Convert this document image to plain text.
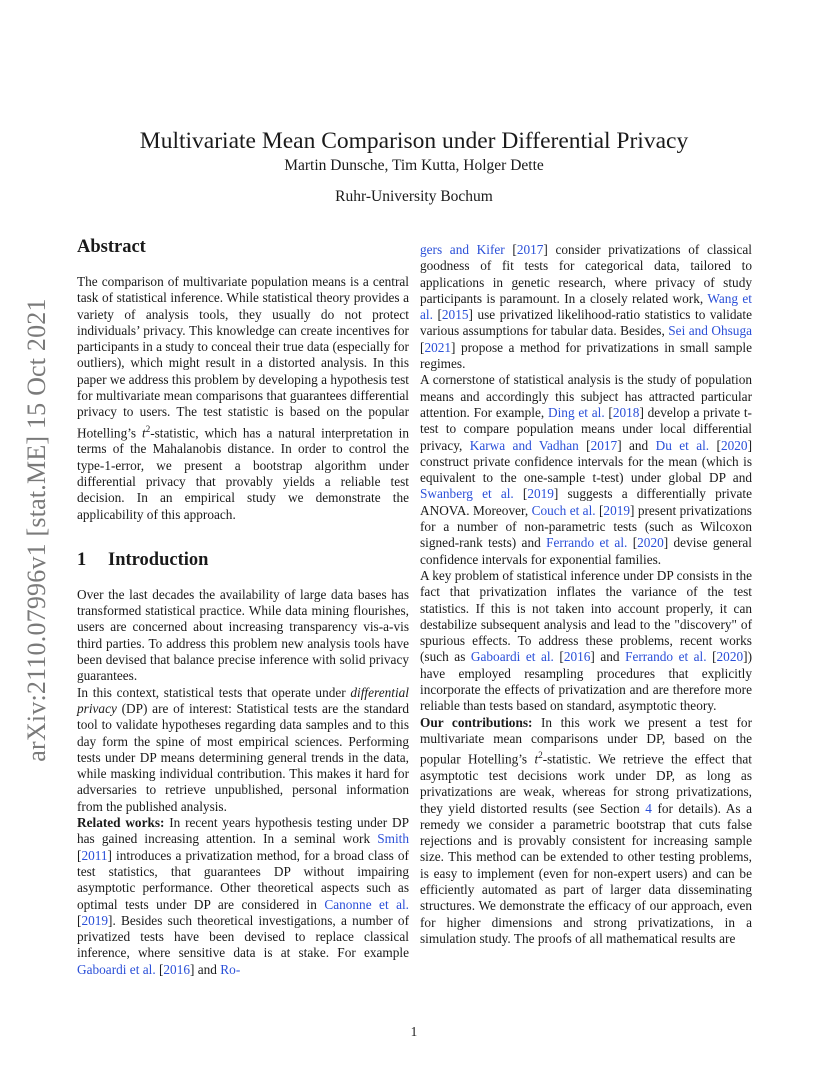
arXiv:2110.07996v1 [stat.ME] 15 Oct 2021
Multivariate Mean Comparison under Differential Privacy
Martin Dunsche, Tim Kutta, Holger Dette
Ruhr-University Bochum
Abstract

The comparison of multivariate population means is a central task of statistical inference. While statistical theory provides a variety of analysis tools, they usually do not protect individuals’ privacy. This knowledge can create incentives for participants in a study to conceal their true data (especially for outliers), which might result in a distorted analysis. In this paper we address this problem by developing a hypothesis test for multivariate mean comparisons that guarantees differential privacy to users. The test statistic is based on the popular Hotelling’s $t^2$-statistic, which has a natural interpretation in terms of the Mahalanobis distance. In order to control the type-1-error, we present a bootstrap algorithm under differential privacy that provably yields a reliable test decision. In an empirical study we demonstrate the applicability of this approach.

1 Introduction

Over the last decades the availability of large data bases has transformed statistical practice. While data mining flourishes, users are concerned about increasing transparency vis-a-vis third parties. To address this problem new analysis tools have been devised that balance precise inference with solid privacy guarantees.

In this context, statistical tests that operate under differential privacy (DP) are of interest: Statistical tests are the standard tool to validate hypotheses regarding data samples and to this day form the spine of most empirical sciences. Performing tests under DP means determining general trends in the data, while masking individual contribution. This makes it hard for adversaries to retrieve unpublished, personal information from the published analysis.

Related works: In recent years hypothesis testing under DP has gained increasing attention. In a seminal work Smith [2011] introduces a privatization method, for a broad class of test statistics, that guarantees DP without impairing asymptotic performance. Other theoretical aspects such as optimal tests under DP are considered in Canonne et al. [2019]. Besides such theoretical investigations, a number of privatized tests have been devised to replace classical inference, where sensitive data is at stake. For example Gaboardi et al. [2016] and Ro-

gers and Kifer [2017] consider privatizations of classical goodness of fit tests for categorical data, tailored to applications in genetic research, where privacy of study participants is paramount. In a closely related work, Wang et al. [2015] use privatized likelihood-ratio statistics to validate various assumptions for tabular data. Besides, Sei and Ohsuga [2021] propose a method for privatizations in small sample regimes.

A cornerstone of statistical analysis is the study of population means and accordingly this subject has attracted particular attention. For example, Ding et al. [2018] develop a private t-test to compare population means under local differential privacy, Karwa and Vadhan [2017] and Du et al. [2020] construct private confidence intervals for the mean (which is equivalent to the one-sample t-test) under global DP and Swanberg et al. [2019] suggests a differentially private ANOVA. Moreover, Couch et al. [2019] present privatizations for a number of non-parametric tests (such as Wilcoxon signed-rank tests) and Ferrando et al. [2020] devise general confidence intervals for exponential families.

A key problem of statistical inference under DP consists in the fact that privatization inflates the variance of the test statistics. If this is not taken into account properly, it can destabilize subsequent analysis and lead to the "discovery" of spurious effects. To address these problems, recent works (such as Gaboardi et al. [2016] and Ferrando et al. [2020]) have employed resampling procedures that explicitly incorporate the effects of privatization and are therefore more reliable than tests based on standard, asymptotic theory.

Our contributions: In this work we present a test for multivariate mean comparisons under DP, based on the popular Hotelling’s $t^2$-statistic. We retrieve the effect that asymptotic test decisions work under DP, as long as privatizations are weak, whereas for strong privatizations, they yield distorted results (see Section 4 for details). As a remedy we consider a parametric bootstrap that cuts false rejections and is provably consistent for increasing sample size. This method can be extended to other testing problems, is easy to implement (even for non-expert users) and can be efficiently automated as part of larger data disseminating structures. We demonstrate the efficacy of our approach, even for higher dimensions and strong privatizations, in a simulation study. The proofs of all mathematical results are

1
